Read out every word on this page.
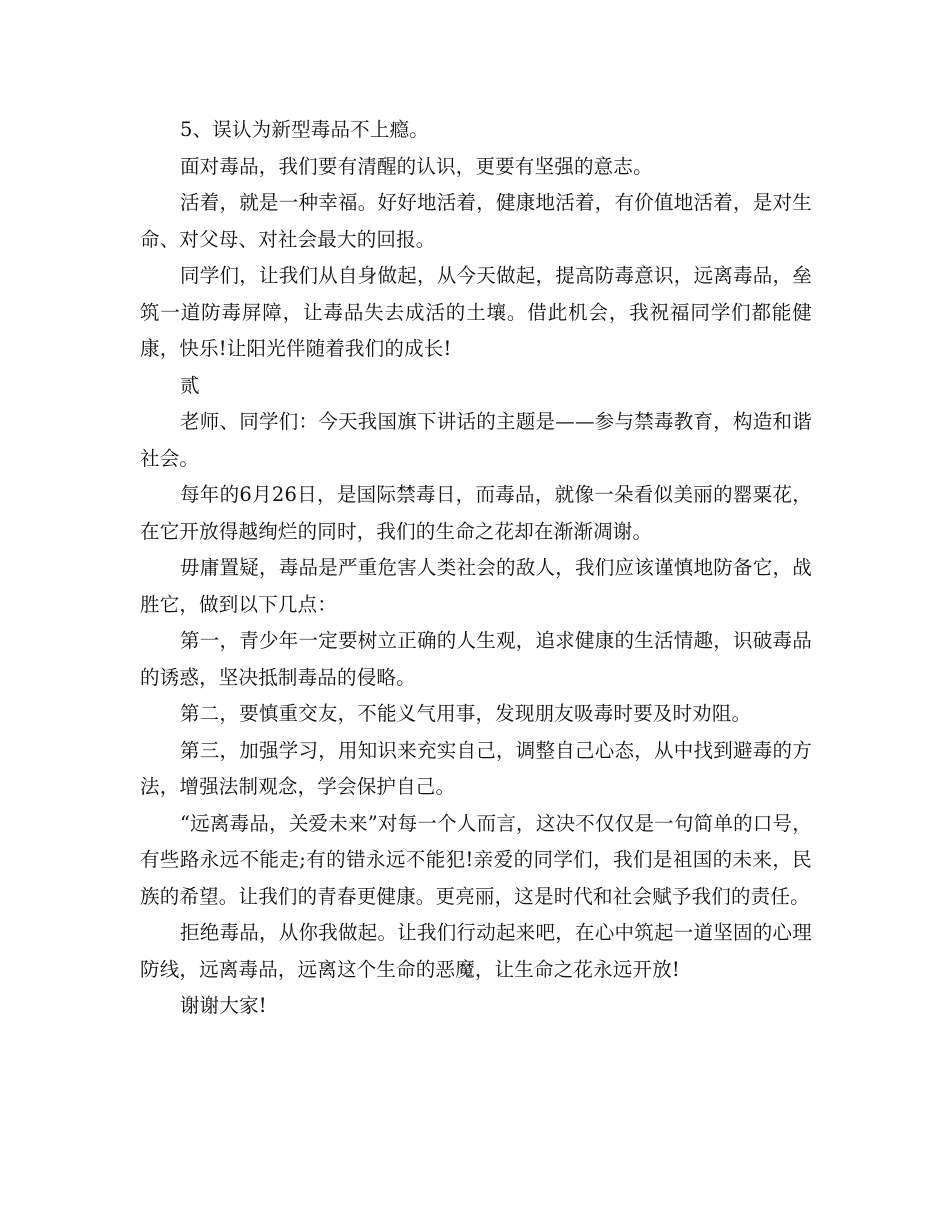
5、误认为新型毒品不上瘾。

面对毒品，我们要有清醒的认识，更要有坚强的意志。

活着，就是一种幸福。好好地活着，健康地活着，有价值地活着，是对生命、对父母、对社会最大的回报。

同学们，让我们从自身做起，从今天做起，提高防毒意识，远离毒品，垒筑一道防毒屏障，让毒品失去成活的土壤。借此机会，我祝福同学们都能健康，快乐!让阳光伴随着我们的成长!

贰

老师、同学们：今天我国旗下讲话的主题是——参与禁毒教育，构造和谐社会。

每年的6月26日，是国际禁毒日，而毒品，就像一朵看似美丽的罂粟花，在它开放得越绚烂的同时，我们的生命之花却在渐渐凋谢。

毋庸置疑，毒品是严重危害人类社会的敌人，我们应该谨慎地防备它，战胜它，做到以下几点：

第一，青少年一定要树立正确的人生观，追求健康的生活情趣，识破毒品的诱惑，坚决抵制毒品的侵略。

第二，要慎重交友，不能义气用事，发现朋友吸毒时要及时劝阻。

第三，加强学习，用知识来充实自己，调整自己心态，从中找到避毒的方法，增强法制观念，学会保护自己。

“远离毒品，关爱未来”对每一个人而言，这决不仅仅是一句简单的口号，有些路永远不能走;有的错永远不能犯!亲爱的同学们，我们是祖国的未来，民族的希望。让我们的青春更健康。更亮丽，这是时代和社会赋予我们的责任。

拒绝毒品，从你我做起。让我们行动起来吧，在心中筑起一道坚固的心理防线，远离毒品，远离这个生命的恶魔，让生命之花永远开放!

谢谢大家!
